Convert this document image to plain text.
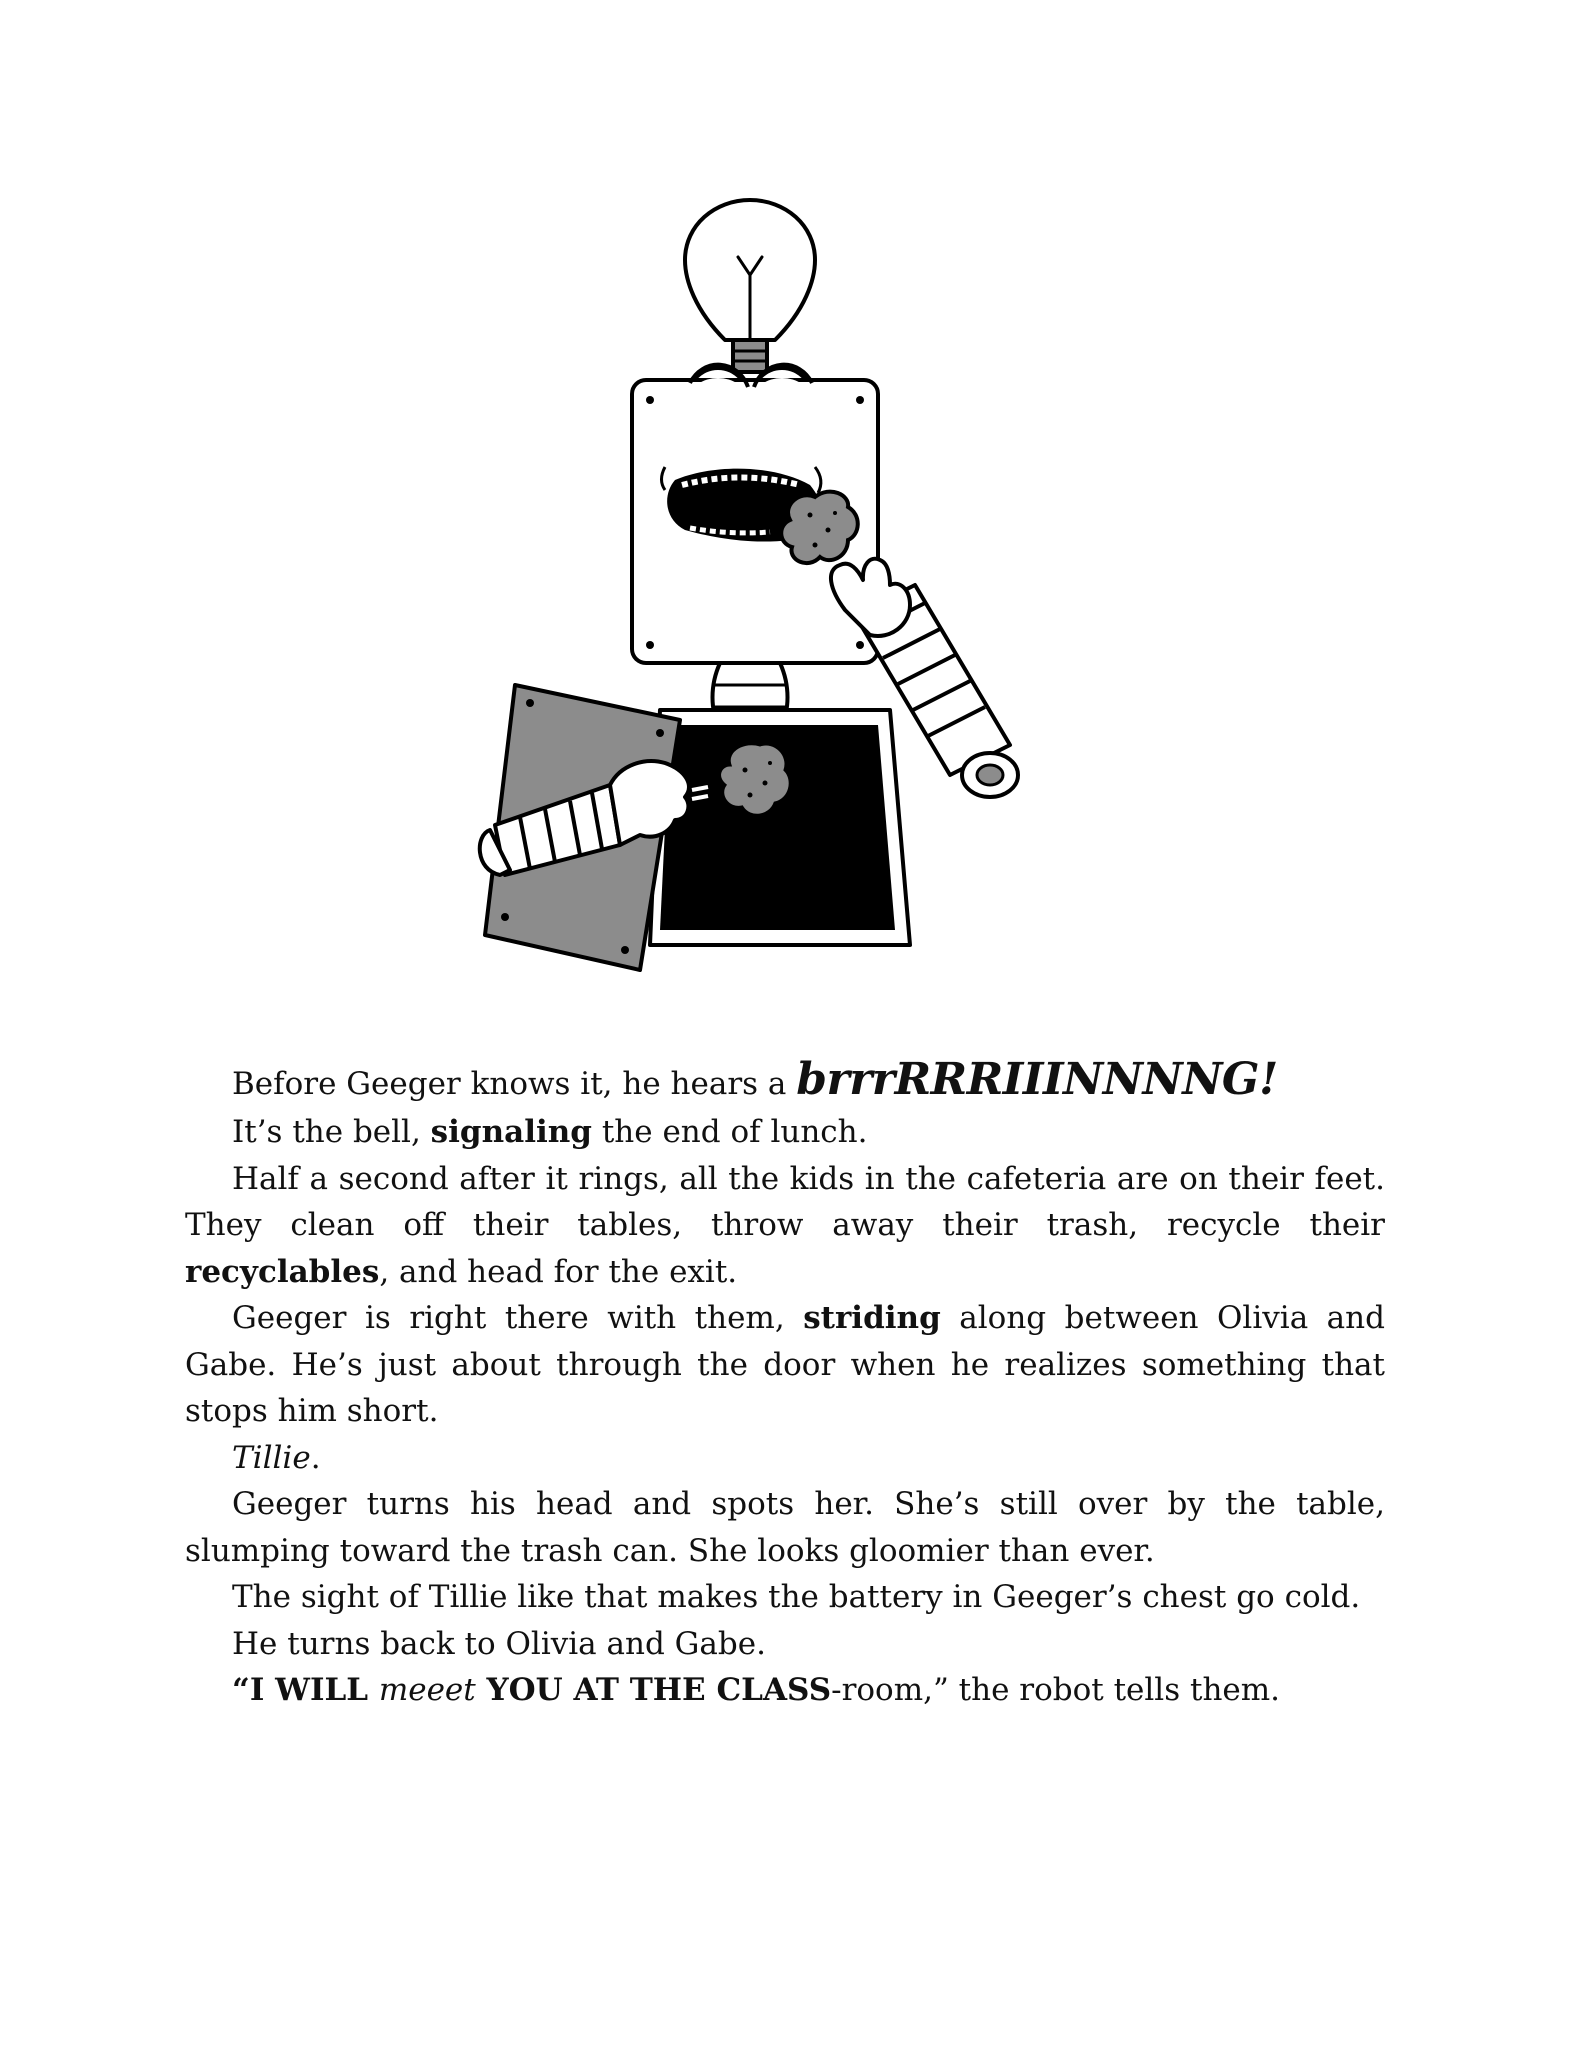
Before Geeger knows it, he hears a brrrRRRIIINNNNG!

It’s the bell, signaling the end of lunch.

Half a second after it rings, all the kids in the cafeteria are on their feet. They clean off their tables, throw away their trash, recycle their recyclables, and head for the exit.

Geeger is right there with them, striding along between Olivia and Gabe. He’s just about through the door when he realizes something that stops him short.

Tillie.

Geeger turns his head and spots her. She’s still over by the table, slumping toward the trash can. She looks gloomier than ever.

The sight of Tillie like that makes the battery in Geeger’s chest go cold.

He turns back to Olivia and Gabe.

“I WILL meeet YOU AT THE CLASS-room,” the robot tells them.
